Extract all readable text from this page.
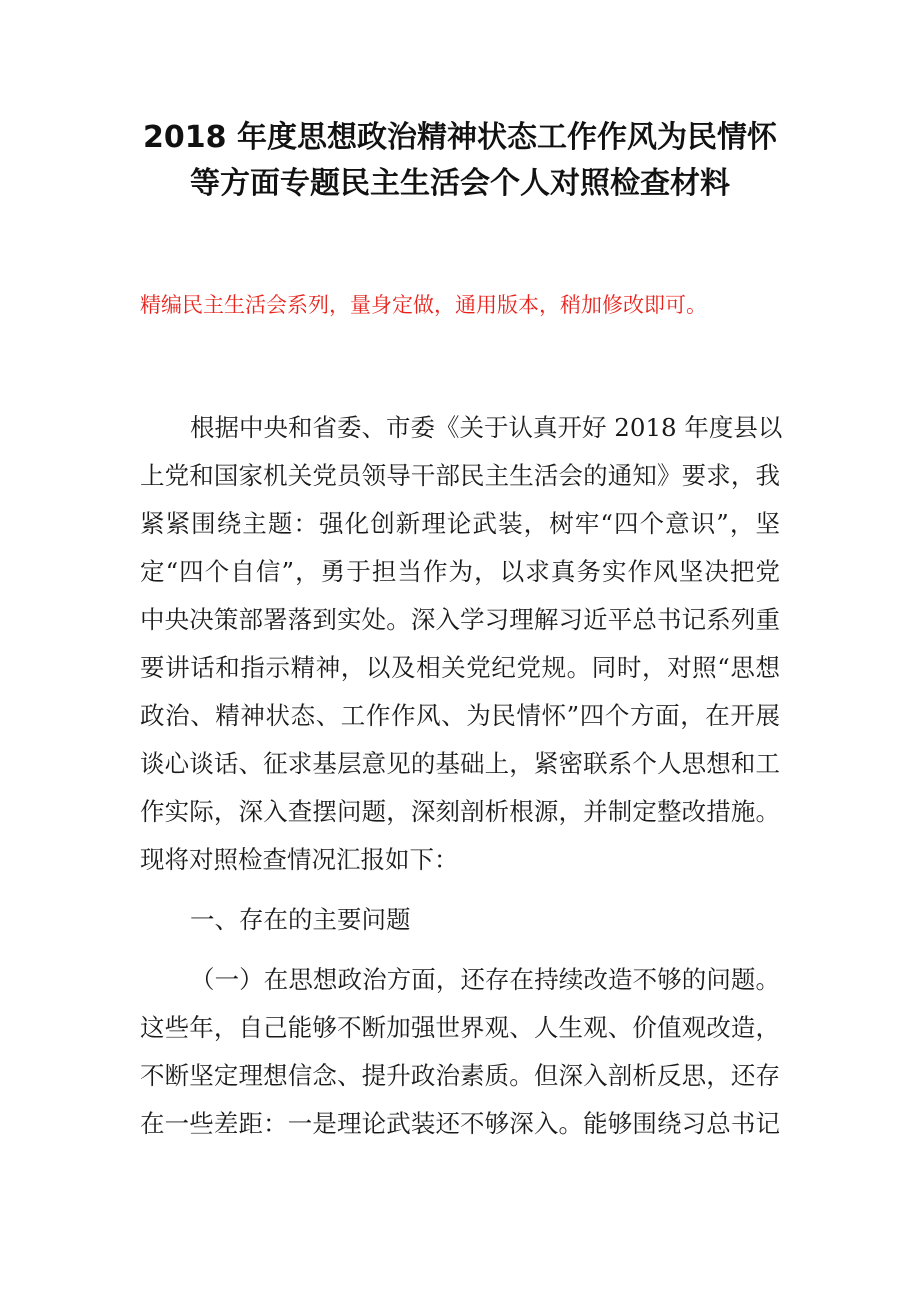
2018 年度思想政治精神状态工作作风为民情怀
等方面专题民主生活会个人对照检查材料
精编民主生活会系列，量身定做，通用版本，稍加修改即可。
根据中央和省委、市委《关于认真开好 2018 年度县以
上党和国家机关党员领导干部民主生活会的通知》要求，我
紧紧围绕主题：强化创新理论武装，树牢“四个意识”，坚
定“四个自信”，勇于担当作为，以求真务实作风坚决把党
中央决策部署落到实处。深入学习理解习近平总书记系列重
要讲话和指示精神，以及相关党纪党规。同时，对照“思想
政治、精神状态、工作作风、为民情怀”四个方面，在开展
谈心谈话、征求基层意见的基础上，紧密联系个人思想和工
作实际，深入查摆问题，深刻剖析根源，并制定整改措施。
现将对照检查情况汇报如下：
一、存在的主要问题
（一）在思想政治方面，还存在持续改造不够的问题。
这些年，自己能够不断加强世界观、人生观、价值观改造，
不断坚定理想信念、提升政治素质。但深入剖析反思，还存
在一些差距：一是理论武装还不够深入。能够围绕习总书记
